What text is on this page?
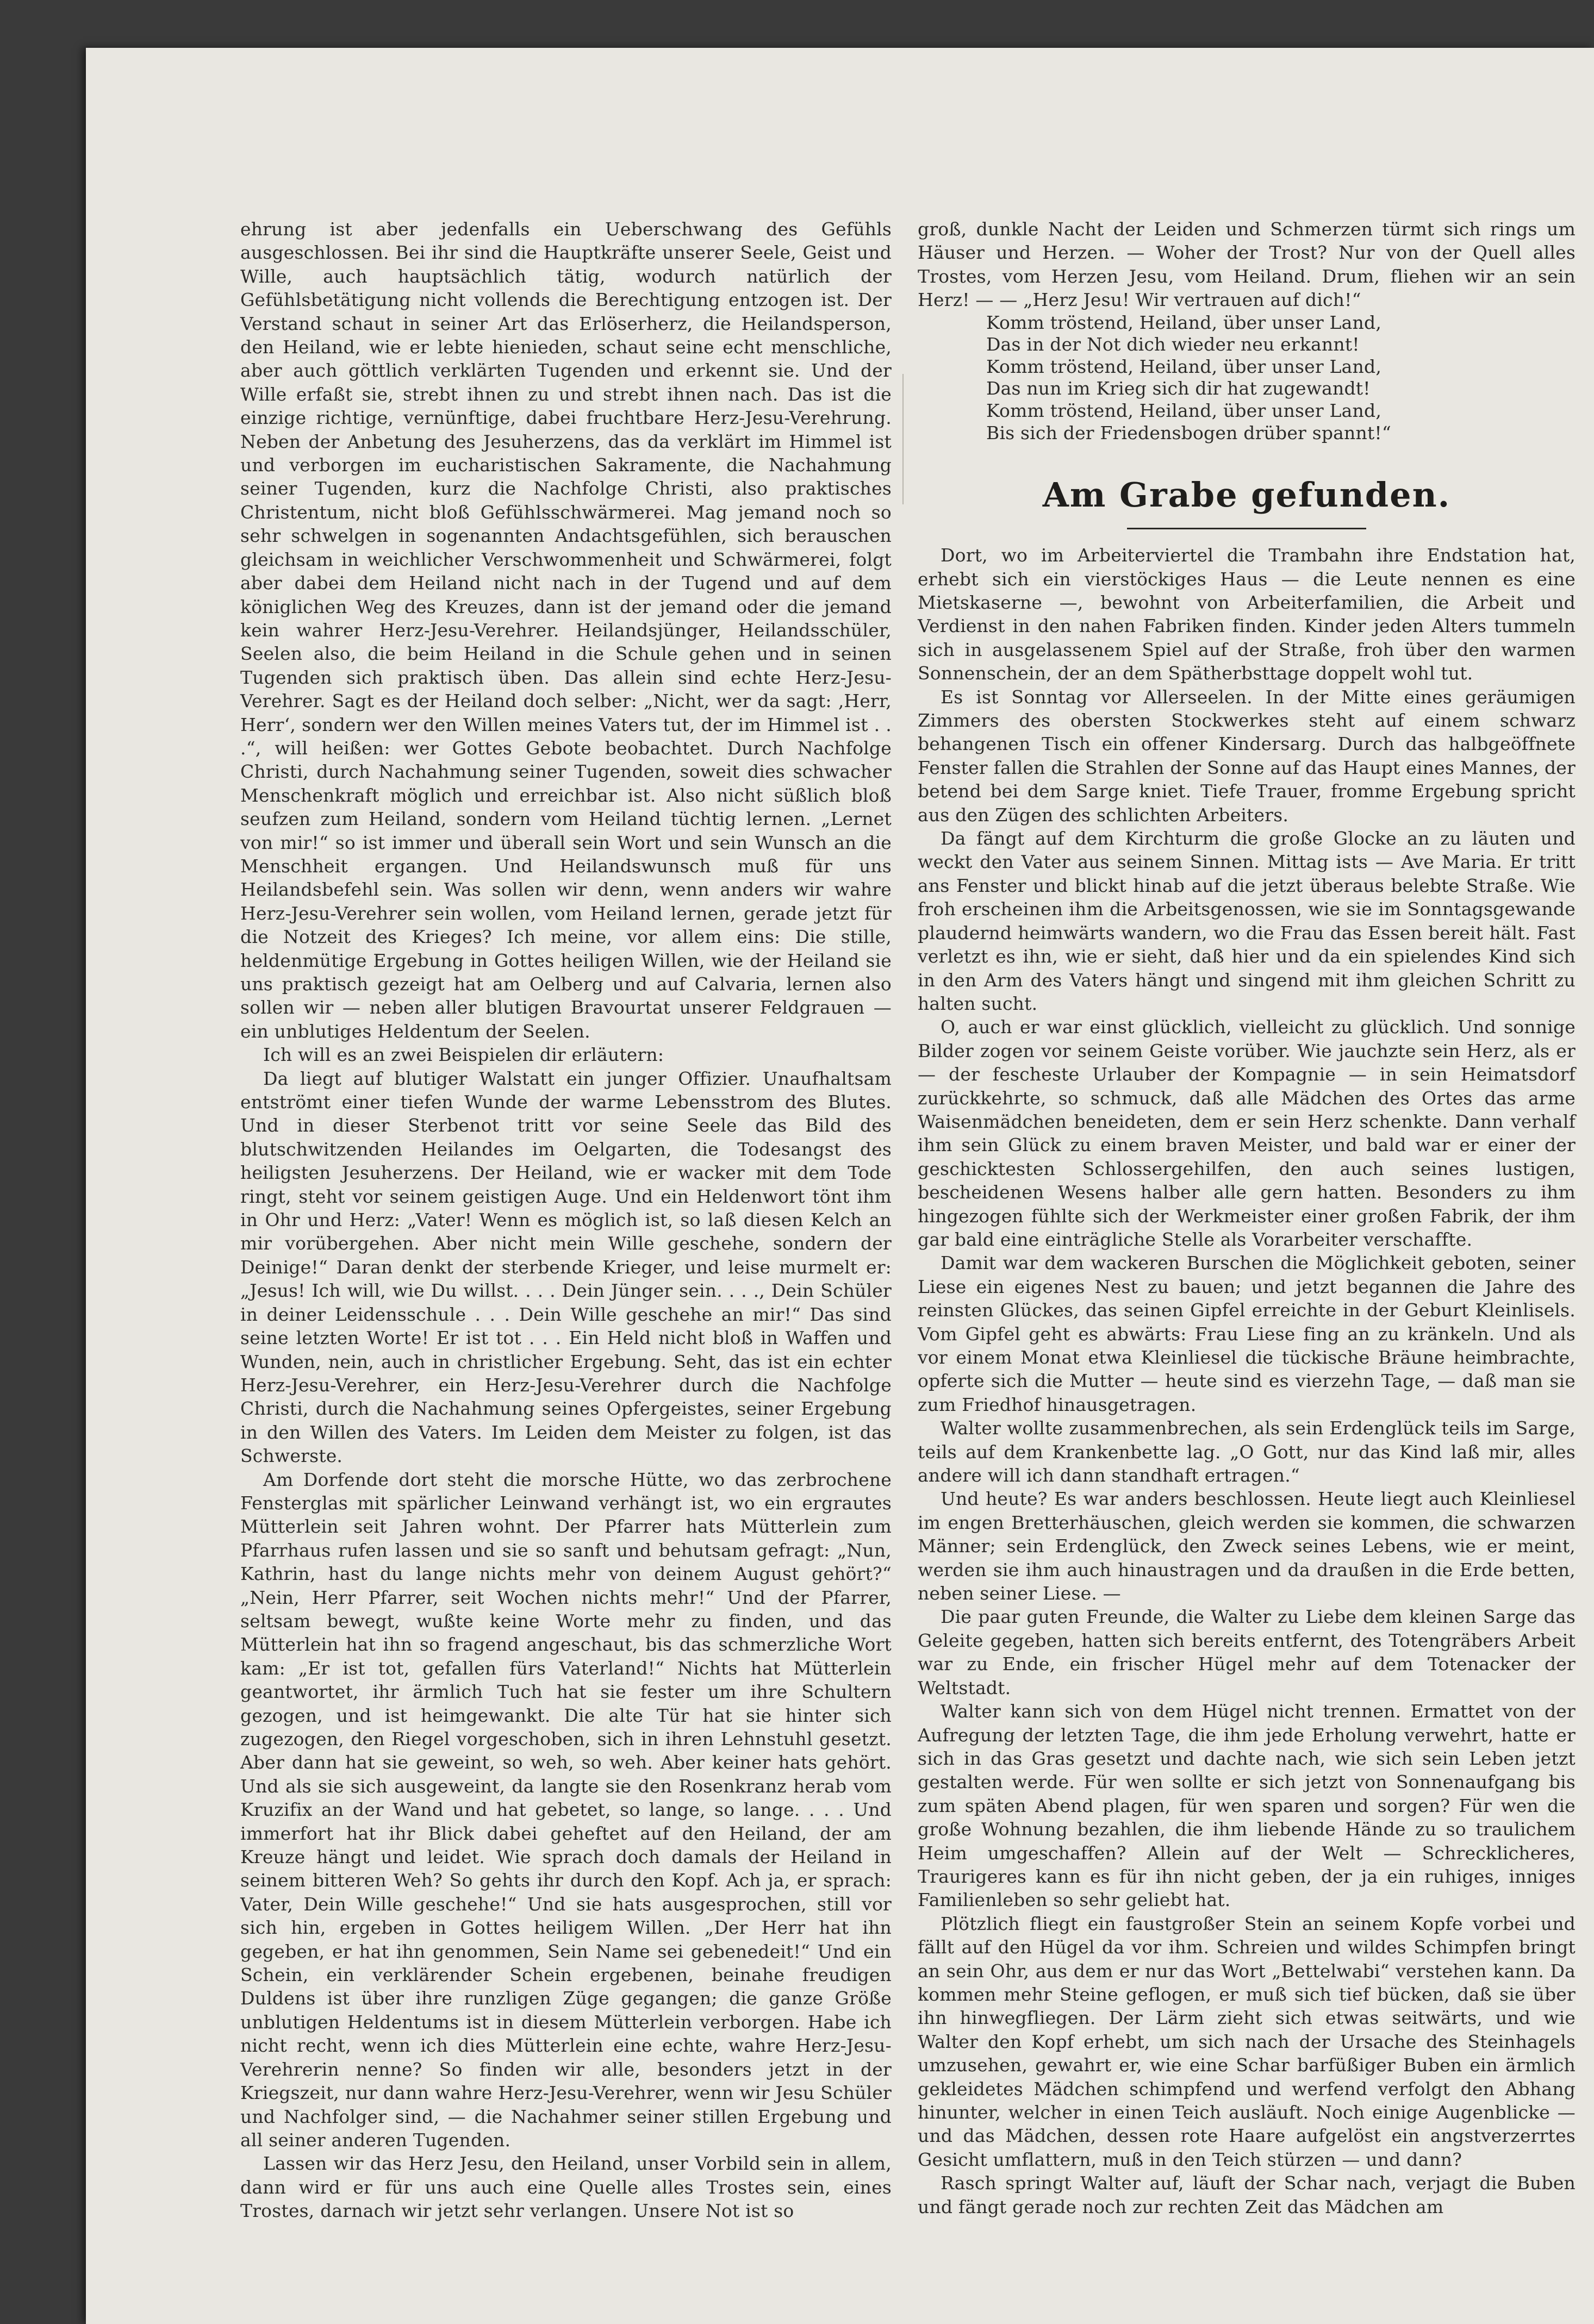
ehrung ist aber jedenfalls ein Ueberschwang des Gefühls ausgeschlossen. Bei ihr sind die Hauptkräfte unserer Seele, Geist und Wille, auch hauptsächlich tätig, wodurch natürlich der Gefühlsbetätigung nicht vollends die Berechtigung entzogen ist. Der Verstand schaut in seiner Art das Erlöserherz, die Heilandsperson, den Heiland, wie er lebte hienieden, schaut seine echt menschliche, aber auch göttlich verklärten Tugenden und erkennt sie. Und der Wille erfaßt sie, strebt ihnen zu und strebt ihnen nach. Das ist die einzige richtige, vernünftige, dabei fruchtbare Herz-Jesu-Verehrung. Neben der Anbetung des Jesuherzens, das da verklärt im Himmel ist und verborgen im eucharistischen Sakramente, die Nachahmung seiner Tugenden, kurz die Nachfolge Christi, also praktisches Christentum, nicht bloß Gefühlsschwärmerei. Mag jemand noch so sehr schwelgen in sogenannten Andachtsgefühlen, sich berauschen gleichsam in weichlicher Verschwommenheit und Schwärmerei, folgt aber dabei dem Heiland nicht nach in der Tugend und auf dem königlichen Weg des Kreuzes, dann ist der jemand oder die jemand kein wahrer Herz-Jesu-Verehrer. Heilandsjünger, Heilandsschüler, Seelen also, die beim Heiland in die Schule gehen und in seinen Tugenden sich praktisch üben. Das allein sind echte Herz-Jesu-Verehrer. Sagt es der Heiland doch selber: „Nicht, wer da sagt: ‚Herr, Herr‘, sondern wer den Willen meines Vaters tut, der im Himmel ist . . .“, will heißen: wer Gottes Gebote beobachtet. Durch Nachfolge Christi, durch Nachahmung seiner Tugenden, soweit dies schwacher Menschenkraft möglich und erreichbar ist. Also nicht süßlich bloß seufzen zum Heiland, sondern vom Heiland tüchtig lernen. „Lernet von mir!“ so ist immer und überall sein Wort und sein Wunsch an die Menschheit ergangen. Und Heilandswunsch muß für uns Heilandsbefehl sein. Was sollen wir denn, wenn anders wir wahre Herz-Jesu-Verehrer sein wollen, vom Heiland lernen, gerade jetzt für die Notzeit des Krieges? Ich meine, vor allem eins: Die stille, heldenmütige Ergebung in Gottes heiligen Willen, wie der Heiland sie uns praktisch gezeigt hat am Oelberg und auf Calvaria, lernen also sollen wir — neben aller blutigen Bravourtat unserer Feldgrauen — ein unblutiges Heldentum der Seelen.

Ich will es an zwei Beispielen dir erläutern:

Da liegt auf blutiger Walstatt ein junger Offizier. Unaufhaltsam entströmt einer tiefen Wunde der warme Lebensstrom des Blutes. Und in dieser Sterbenot tritt vor seine Seele das Bild des blutschwitzenden Heilandes im Oelgarten, die Todesangst des heiligsten Jesuherzens. Der Heiland, wie er wacker mit dem Tode ringt, steht vor seinem geistigen Auge. Und ein Heldenwort tönt ihm in Ohr und Herz: „Vater! Wenn es möglich ist, so laß diesen Kelch an mir vorübergehen. Aber nicht mein Wille geschehe, sondern der Deinige!“ Daran denkt der sterbende Krieger, und leise murmelt er: „Jesus! Ich will, wie Du willst. . . . Dein Jünger sein. . . ., Dein Schüler in deiner Leidensschule . . . Dein Wille geschehe an mir!“ Das sind seine letzten Worte! Er ist tot . . . Ein Held nicht bloß in Waffen und Wunden, nein, auch in christlicher Ergebung. Seht, das ist ein echter Herz-Jesu-Verehrer, ein Herz-Jesu-Verehrer durch die Nachfolge Christi, durch die Nachahmung seines Opfergeistes, seiner Ergebung in den Willen des Vaters. Im Leiden dem Meister zu folgen, ist das Schwerste.

Am Dorfende dort steht die morsche Hütte, wo das zerbrochene Fensterglas mit spärlicher Leinwand verhängt ist, wo ein ergrautes Mütterlein seit Jahren wohnt. Der Pfarrer hats Mütterlein zum Pfarrhaus rufen lassen und sie so sanft und behutsam gefragt: „Nun, Kathrin, hast du lange nichts mehr von deinem August gehört?“ „Nein, Herr Pfarrer, seit Wochen nichts mehr!“ Und der Pfarrer, seltsam bewegt, wußte keine Worte mehr zu finden, und das Mütterlein hat ihn so fragend angeschaut, bis das schmerzliche Wort kam: „Er ist tot, gefallen fürs Vaterland!“ Nichts hat Mütterlein geantwortet, ihr ärmlich Tuch hat sie fester um ihre Schultern gezogen, und ist heimgewankt. Die alte Tür hat sie hinter sich zugezogen, den Riegel vorgeschoben, sich in ihren Lehnstuhl gesetzt. Aber dann hat sie geweint, so weh, so weh. Aber keiner hats gehört. Und als sie sich ausgeweint, da langte sie den Rosenkranz herab vom Kruzifix an der Wand und hat gebetet, so lange, so lange. . . . Und immerfort hat ihr Blick dabei geheftet auf den Heiland, der am Kreuze hängt und leidet. Wie sprach doch damals der Heiland in seinem bitteren Weh? So gehts ihr durch den Kopf. Ach ja, er sprach: Vater, Dein Wille geschehe!“ Und sie hats ausgesprochen, still vor sich hin, ergeben in Gottes heiligem Willen. „Der Herr hat ihn gegeben, er hat ihn genommen, Sein Name sei gebenedeit!“ Und ein Schein, ein verklärender Schein ergebenen, beinahe freudigen Duldens ist über ihre runzligen Züge gegangen; die ganze Größe unblutigen Heldentums ist in diesem Mütterlein verborgen. Habe ich nicht recht, wenn ich dies Mütterlein eine echte, wahre Herz-Jesu-Verehrerin nenne? So finden wir alle, besonders jetzt in der Kriegszeit, nur dann wahre Herz-Jesu-Verehrer, wenn wir Jesu Schüler und Nachfolger sind, — die Nachahmer seiner stillen Ergebung und all seiner anderen Tugenden.

Lassen wir das Herz Jesu, den Heiland, unser Vorbild sein in allem, dann wird er für uns auch eine Quelle alles Trostes sein, eines Trostes, darnach wir jetzt sehr verlangen. Unsere Not ist so

groß, dunkle Nacht der Leiden und Schmerzen türmt sich rings um Häuser und Herzen. — Woher der Trost? Nur von der Quell alles Trostes, vom Herzen Jesu, vom Heiland. Drum, fliehen wir an sein Herz! — — „Herz Jesu! Wir vertrauen auf dich!“

Komm tröstend, Heiland, über unser Land,
Das in der Not dich wieder neu erkannt!
Komm tröstend, Heiland, über unser Land,
Das nun im Krieg sich dir hat zugewandt!
Komm tröstend, Heiland, über unser Land,
Bis sich der Friedensbogen drüber spannt!“
Am Grabe gefunden.

Dort, wo im Arbeiterviertel die Trambahn ihre Endstation hat, erhebt sich ein vierstöckiges Haus — die Leute nennen es eine Mietskaserne —, bewohnt von Arbeiterfamilien, die Arbeit und Verdienst in den nahen Fabriken finden. Kinder jeden Alters tummeln sich in ausgelassenem Spiel auf der Straße, froh über den warmen Sonnenschein, der an dem Spätherbsttage doppelt wohl tut.

Es ist Sonntag vor Allerseelen. In der Mitte eines geräumigen Zimmers des obersten Stockwerkes steht auf einem schwarz behangenen Tisch ein offener Kindersarg. Durch das halbgeöffnete Fenster fallen die Strahlen der Sonne auf das Haupt eines Mannes, der betend bei dem Sarge kniet. Tiefe Trauer, fromme Ergebung spricht aus den Zügen des schlichten Arbeiters.

Da fängt auf dem Kirchturm die große Glocke an zu läuten und weckt den Vater aus seinem Sinnen. Mittag ists — Ave Maria. Er tritt ans Fenster und blickt hinab auf die jetzt überaus belebte Straße. Wie froh erscheinen ihm die Arbeitsgenossen, wie sie im Sonntagsgewande plaudernd heimwärts wandern, wo die Frau das Essen bereit hält. Fast verletzt es ihn, wie er sieht, daß hier und da ein spielendes Kind sich in den Arm des Vaters hängt und singend mit ihm gleichen Schritt zu halten sucht.

O, auch er war einst glücklich, vielleicht zu glücklich. Und sonnige Bilder zogen vor seinem Geiste vorüber. Wie jauchzte sein Herz, als er — der fescheste Urlauber der Kompagnie — in sein Heimatsdorf zurückkehrte, so schmuck, daß alle Mädchen des Ortes das arme Waisenmädchen beneideten, dem er sein Herz schenkte. Dann verhalf ihm sein Glück zu einem braven Meister, und bald war er einer der geschicktesten Schlossergehilfen, den auch seines lustigen, bescheidenen Wesens halber alle gern hatten. Besonders zu ihm hingezogen fühlte sich der Werkmeister einer großen Fabrik, der ihm gar bald eine einträgliche Stelle als Vorarbeiter verschaffte.

Damit war dem wackeren Burschen die Möglichkeit geboten, seiner Liese ein eigenes Nest zu bauen; und jetzt begannen die Jahre des reinsten Glückes, das seinen Gipfel erreichte in der Geburt Kleinlisels. Vom Gipfel geht es abwärts: Frau Liese fing an zu kränkeln. Und als vor einem Monat etwa Kleinliesel die tückische Bräune heimbrachte, opferte sich die Mutter — heute sind es vierzehn Tage, — daß man sie zum Friedhof hinausgetragen.

Walter wollte zusammenbrechen, als sein Erdenglück teils im Sarge, teils auf dem Krankenbette lag. „O Gott, nur das Kind laß mir, alles andere will ich dann standhaft ertragen.“

Und heute? Es war anders beschlossen. Heute liegt auch Kleinliesel im engen Bretterhäuschen, gleich werden sie kommen, die schwarzen Männer; sein Erdenglück, den Zweck seines Lebens, wie er meint, werden sie ihm auch hinaustragen und da draußen in die Erde betten, neben seiner Liese. —

Die paar guten Freunde, die Walter zu Liebe dem kleinen Sarge das Geleite gegeben, hatten sich bereits entfernt, des Totengräbers Arbeit war zu Ende, ein frischer Hügel mehr auf dem Totenacker der Weltstadt.

Walter kann sich von dem Hügel nicht trennen. Ermattet von der Aufregung der letzten Tage, die ihm jede Erholung verwehrt, hatte er sich in das Gras gesetzt und dachte nach, wie sich sein Leben jetzt gestalten werde. Für wen sollte er sich jetzt von Sonnenaufgang bis zum späten Abend plagen, für wen sparen und sorgen? Für wen die große Wohnung bezahlen, die ihm liebende Hände zu so traulichem Heim umgeschaffen? Allein auf der Welt — Schrecklicheres, Traurigeres kann es für ihn nicht geben, der ja ein ruhiges, inniges Familienleben so sehr geliebt hat.

Plötzlich fliegt ein faustgroßer Stein an seinem Kopfe vorbei und fällt auf den Hügel da vor ihm. Schreien und wildes Schimpfen bringt an sein Ohr, aus dem er nur das Wort „Bettelwabi“ verstehen kann. Da kommen mehr Steine geflogen, er muß sich tief bücken, daß sie über ihn hinwegfliegen. Der Lärm zieht sich etwas seitwärts, und wie Walter den Kopf erhebt, um sich nach der Ursache des Steinhagels umzusehen, gewahrt er, wie eine Schar barfüßiger Buben ein ärmlich gekleidetes Mädchen schimpfend und werfend verfolgt den Abhang hinunter, welcher in einen Teich ausläuft. Noch einige Augenblicke — und das Mädchen, dessen rote Haare aufgelöst ein angstverzerrtes Gesicht umflattern, muß in den Teich stürzen — und dann?

Rasch springt Walter auf, läuft der Schar nach, verjagt die Buben und fängt gerade noch zur rechten Zeit das Mädchen am
